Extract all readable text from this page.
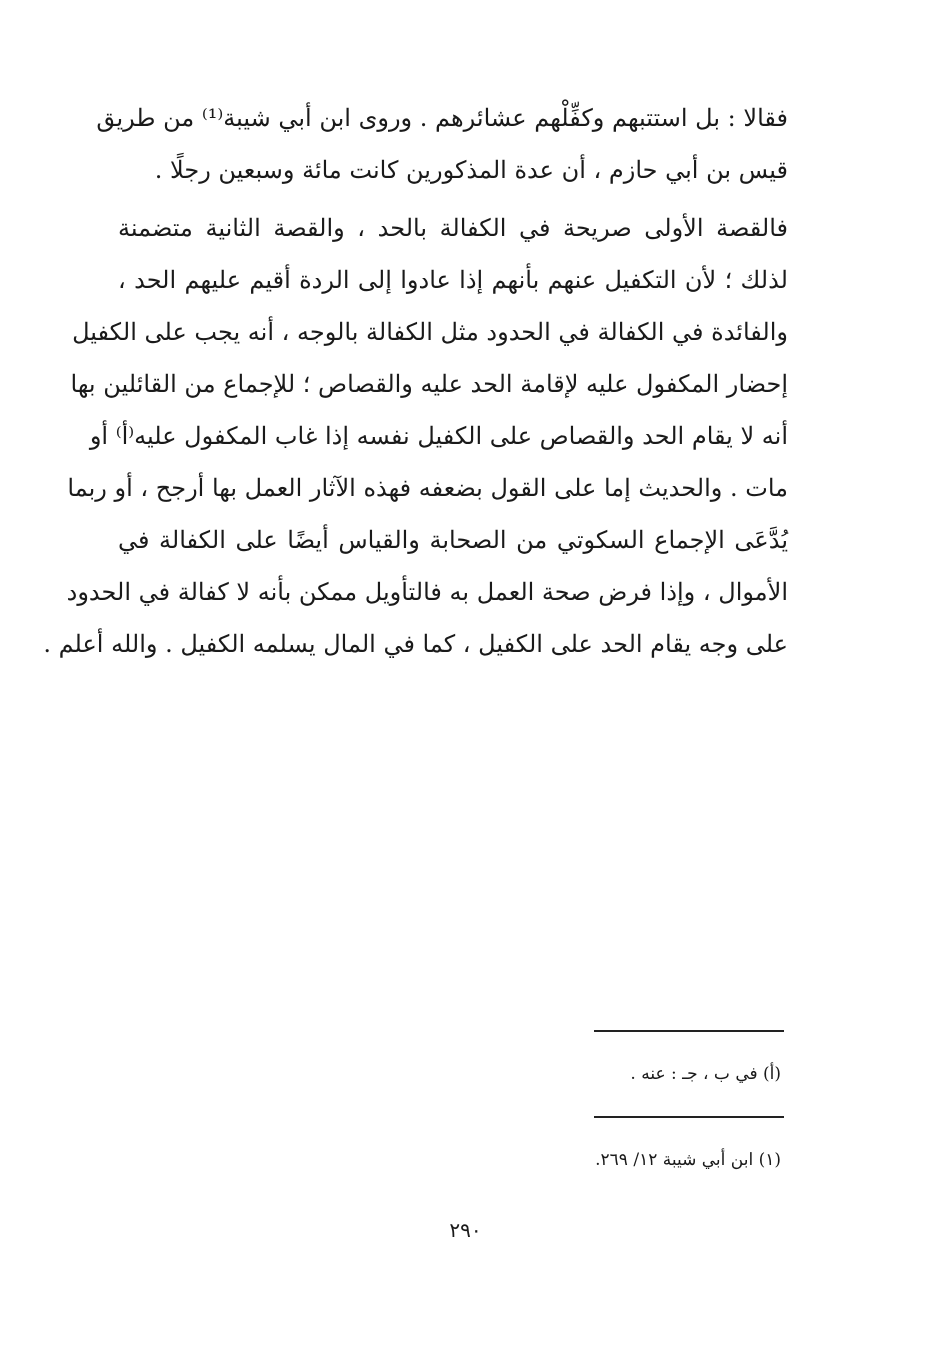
فقالا : بل استتبهم وكفِّلْهم عشائرهم . وروى ابن أبي شيبة⁽¹⁾ من طريق
قيس بن أبي حازم ، أن عدة المذكورين كانت مائة وسبعين رجلًا .
فالقصة الأولى صريحة في الكفالة بالحد ، والقصة الثانية متضمنة
لذلك ؛ لأن التكفيل عنهم بأنهم إذا عادوا إلى الردة أقيم عليهم الحد ،
والفائدة في الكفالة في الحدود مثل الكفالة بالوجه ، أنه يجب على الكفيل
إحضار المكفول عليه لإقامة الحد عليه والقصاص ؛ للإجماع من القائلين بها
أنه لا يقام الحد والقصاص على الكفيل نفسه إذا غاب المكفول عليه⁽أ⁾ أو
مات . والحديث إما على القول بضعفه فهذه الآثار العمل بها أرجح ، أو ربما
يُدَّعَى الإجماع السكوتي من الصحابة والقياس أيضًا على الكفالة في
الأموال ، وإذا فرض صحة العمل به فالتأويل ممكن بأنه لا كفالة في الحدود
على وجه يقام الحد على الكفيل ، كما في المال يسلمه الكفيل . والله أعلم .
(أ) في ب ، جـ : عنه .
(١) ابن أبي شيبة ١٢/ ٢٦٩.
٢٩٠
